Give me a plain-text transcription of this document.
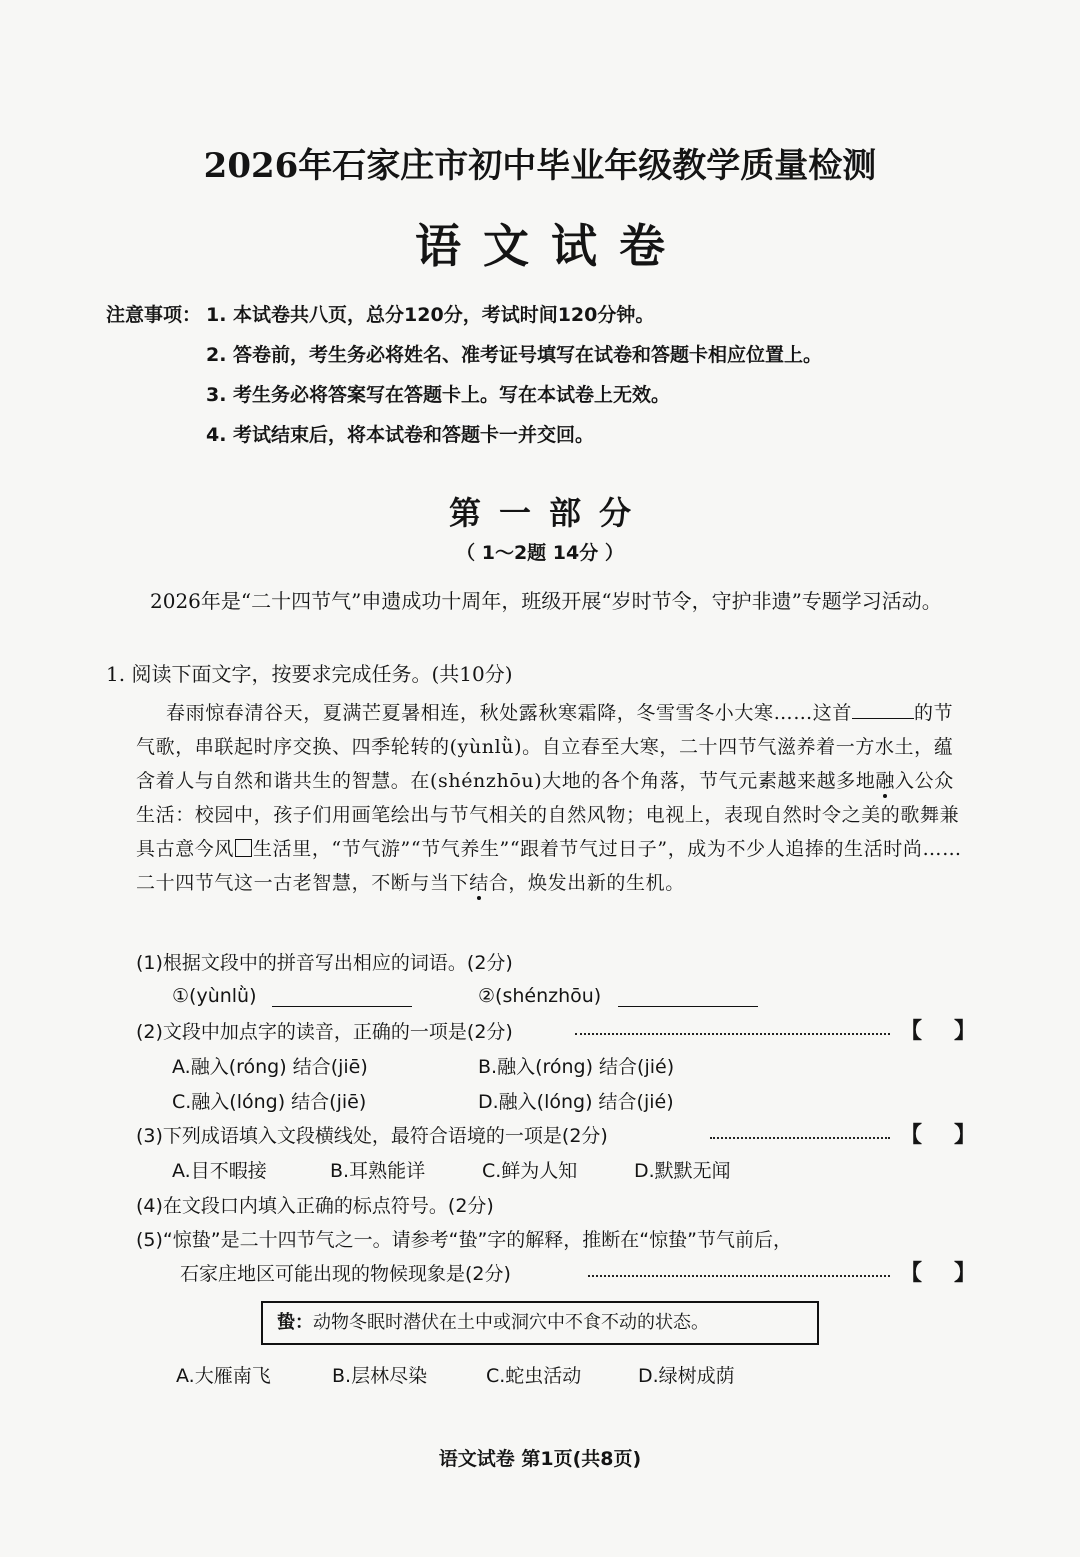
2026年石家庄市初中毕业年级教学质量检测
语文试卷
注意事项： 1. 本试卷共八页，总分120分，考试时间120分钟。
2. 答卷前，考生务必将姓名、准考证号填写在试卷和答题卡相应位置上。
3. 考生务必将答案写在答题卡上。写在本试卷上无效。
4. 考试结束后，将本试卷和答题卡一并交回。
第一部分
（ 1～2题 14分 ）
2026年是“二十四节气”申遗成功十周年，班级开展“岁时节令，守护非遗”专题学习活动。
1. 阅读下面文字，按要求完成任务。(共10分)
春雨惊春清谷天，夏满芒夏暑相连，秋处露秋寒霜降，冬雪雪冬小大寒……这首	的节气歌，串联起时序交换、四季轮转的(yùnlǜ)。自立春至大寒，二十四节气滋养着一方水土，蕴含着人与自然和谐共生的智慧。在(shénzhōu)大地的各个角落，节气元素越来越多地融入公众生活：校园中，孩子们用画笔绘出与节气相关的自然风物；电视上，表现自然时令之美的歌舞兼具古意今风 生活里，“节气游”“节气养生”“跟着节气过日子”，成为不少人追捧的生活时尚……二十四节气这一古老智慧，不断与当下结合，焕发出新的生机。
(1)根据文段中的拼音写出相应的词语。(2分)
①(yùnlǜ)	②(shénzhōu)
(2)文段中加点字的读音，正确的一项是(2分)	【 】
A.融入(róng) 结合(jiē)	B.融入(róng) 结合(jié)
C.融入(lóng) 结合(jiē)	D.融入(lóng) 结合(jié)
(3)下列成语填入文段横线处，最符合语境的一项是(2分)	【 】
A.目不暇接	B.耳熟能详	C.鲜为人知	D.默默无闻
(4)在文段口内填入正确的标点符号。(2分)
(5)“惊蛰”是二十四节气之一。请参考“蛰”字的解释，推断在“惊蛰”节气前后，
石家庄地区可能出现的物候现象是(2分)	【 】
蛰：动物冬眠时潜伏在土中或洞穴中不食不动的状态。
A.大雁南飞	B.层林尽染	C.蛇虫活动	D.绿树成荫
语文试卷 第1页(共8页)
